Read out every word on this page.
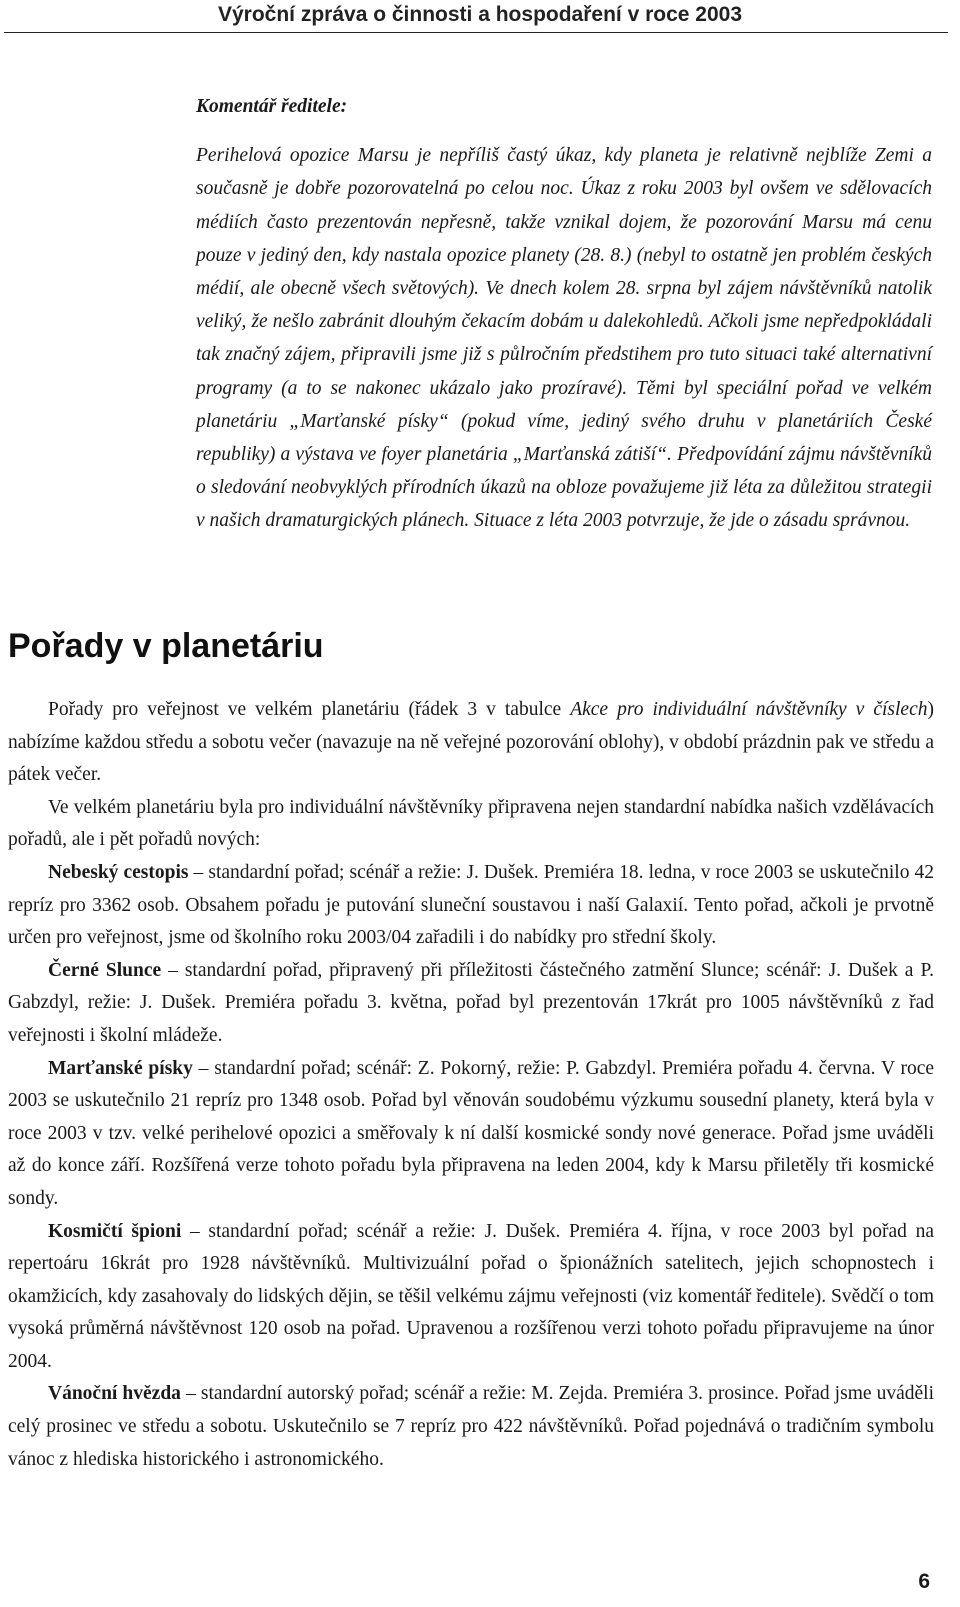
Výroční zpráva o činnosti a hospodaření v roce 2003

Komentář ředitele:

Perihelová opozice Marsu je nepříliš častý úkaz, kdy planeta je relativně nejblíže Zemi a současně je dobře pozorovatelná po celou noc. Úkaz z roku 2003 byl ovšem ve sdělovacích médiích často prezentován nepřesně, takže vznikal dojem, že pozorování Marsu má cenu pouze v jediný den, kdy nastala opozice planety (28. 8.) (nebyl to ostatně jen problém českých médií, ale obecně všech světových). Ve dnech kolem 28. srpna byl zájem návštěvníků natolik veliký, že nešlo zabránit dlouhým čekacím dobám u dalekohledů. Ačkoli jsme nepředpokládali tak značný zájem, připravili jsme již s půlročním předstihem pro tuto situaci také alternativní programy (a to se nakonec ukázalo jako prozíravé). Těmi byl speciální pořad ve velkém planetáriu „Marťanské písky“ (pokud víme, jediný svého druhu v planetáriích České republiky) a výstava ve foyer planetária „Marťanská zátiší“. Předpovídání zájmu návštěvníků o sledování neobvyklých přírodních úkazů na obloze považujeme již léta za důležitou strategii v našich dramaturgických plánech. Situace z léta 2003 potvrzuje, že jde o zásadu správnou.

Pořady v planetáriu

Pořady pro veřejnost ve velkém planetáriu (řádek 3 v tabulce Akce pro individuální návštěvníky v číslech) nabízíme každou středu a sobotu večer (navazuje na ně veřejné pozorování oblohy), v období prázdnin pak ve středu a pátek večer.

Ve velkém planetáriu byla pro individuální návštěvníky připravena nejen standardní nabídka našich vzdělávacích pořadů, ale i pět pořadů nových:

Nebeský cestopis – standardní pořad; scénář a režie: J. Dušek. Premiéra 18. ledna, v roce 2003 se uskutečnilo 42 repríz pro 3362 osob. Obsahem pořadu je putování sluneční soustavou i naší Galaxií. Tento pořad, ačkoli je prvotně určen pro veřejnost, jsme od školního roku 2003/04 zařadili i do nabídky pro střední školy.

Černé Slunce – standardní pořad, připravený při příležitosti částečného zatmění Slunce; scénář: J. Dušek a P. Gabzdyl, režie: J. Dušek. Premiéra pořadu 3. května, pořad byl prezentován 17krát pro 1005 návštěvníků z řad veřejnosti i školní mládeže.

Marťanské písky – standardní pořad; scénář: Z. Pokorný, režie: P. Gabzdyl. Premiéra pořadu 4. června. V roce 2003 se uskutečnilo 21 repríz pro 1348 osob. Pořad byl věnován soudobému výzkumu sousední planety, která byla v roce 2003 v tzv. velké perihelové opozici a směřovaly k ní další kosmické sondy nové generace. Pořad jsme uváděli až do konce září. Rozšířená verze tohoto pořadu byla připravena na leden 2004, kdy k Marsu přiletěly tři kosmické sondy.

Kosmičtí špioni – standardní pořad; scénář a režie: J. Dušek. Premiéra 4. října, v roce 2003 byl pořad na repertoáru 16krát pro 1928 návštěvníků. Multivizuální pořad o špionážních satelitech, jejich schopnostech i okamžicích, kdy zasahovaly do lidských dějin, se těšil velkému zájmu veřejnosti (viz komentář ředitele). Svědčí o tom vysoká průměrná návštěvnost 120 osob na pořad. Upravenou a rozšířenou verzi tohoto pořadu připravujeme na únor 2004.

Vánoční hvězda – standardní autorský pořad; scénář a režie: M. Zejda. Premiéra 3. prosince. Pořad jsme uváděli celý prosinec ve středu a sobotu. Uskutečnilo se 7 repríz pro 422 návštěvníků. Pořad pojednává o tradičním symbolu vánoc z hlediska historického i astronomického.

6
